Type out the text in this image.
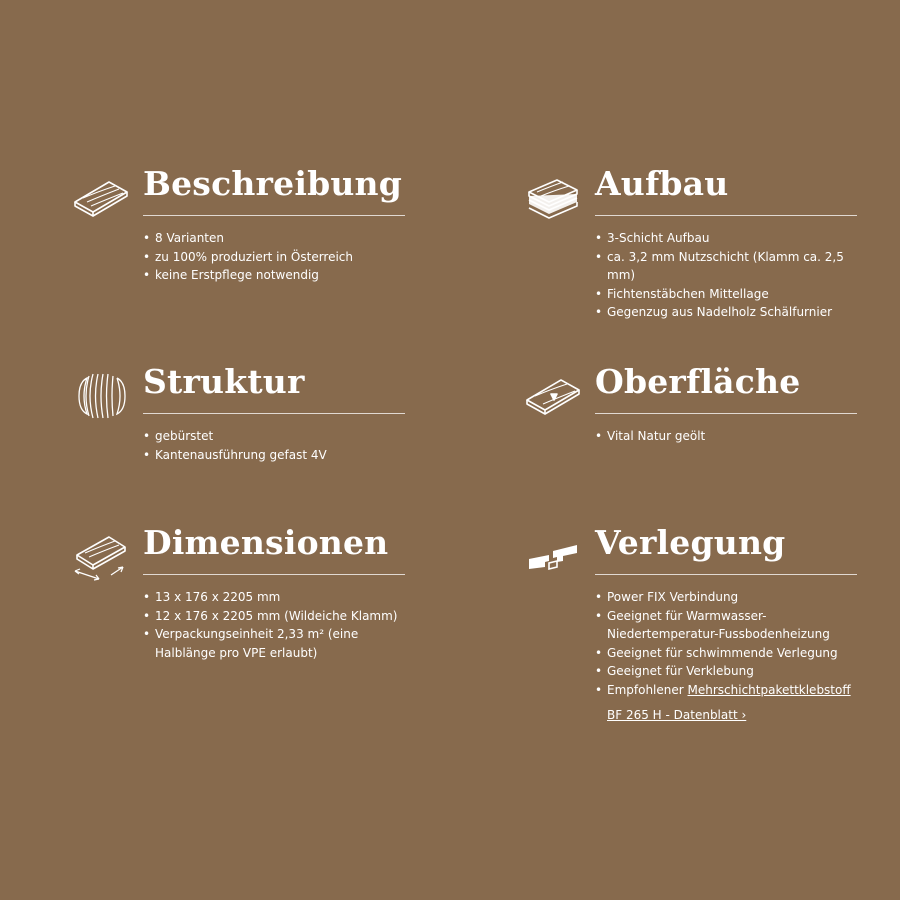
Beschreibung
• 8 Varianten
• zu 100% produziert in Österreich
• keine Erstpflege notwendig
Aufbau
• 3-Schicht Aufbau
• ca. 3,2 mm Nutzschicht (Klamm ca. 2,5 mm)
• Fichtenstäbchen Mittellage
• Gegenzug aus Nadelholz Schälfurnier
Struktur
• gebürstet
• Kantenausführung gefast 4V
Oberfläche
• Vital Natur geölt
Dimensionen
• 13 x 176 x 2205 mm
• 12 x 176 x 2205 mm (Wildeiche Klamm)
• Verpackungseinheit 2,33 m² (eine Halblänge pro VPE erlaubt)
Verlegung
• Power FIX Verbindung
• Geeignet für Warmwasser-Niedertemperatur-Fussbodenheizung
• Geeignet für schwimmende Verlegung
• Geeignet für Verklebung
• Empfohlener Mehrschichtpakettklebstoff
BF 265 H - Datenblatt ›
